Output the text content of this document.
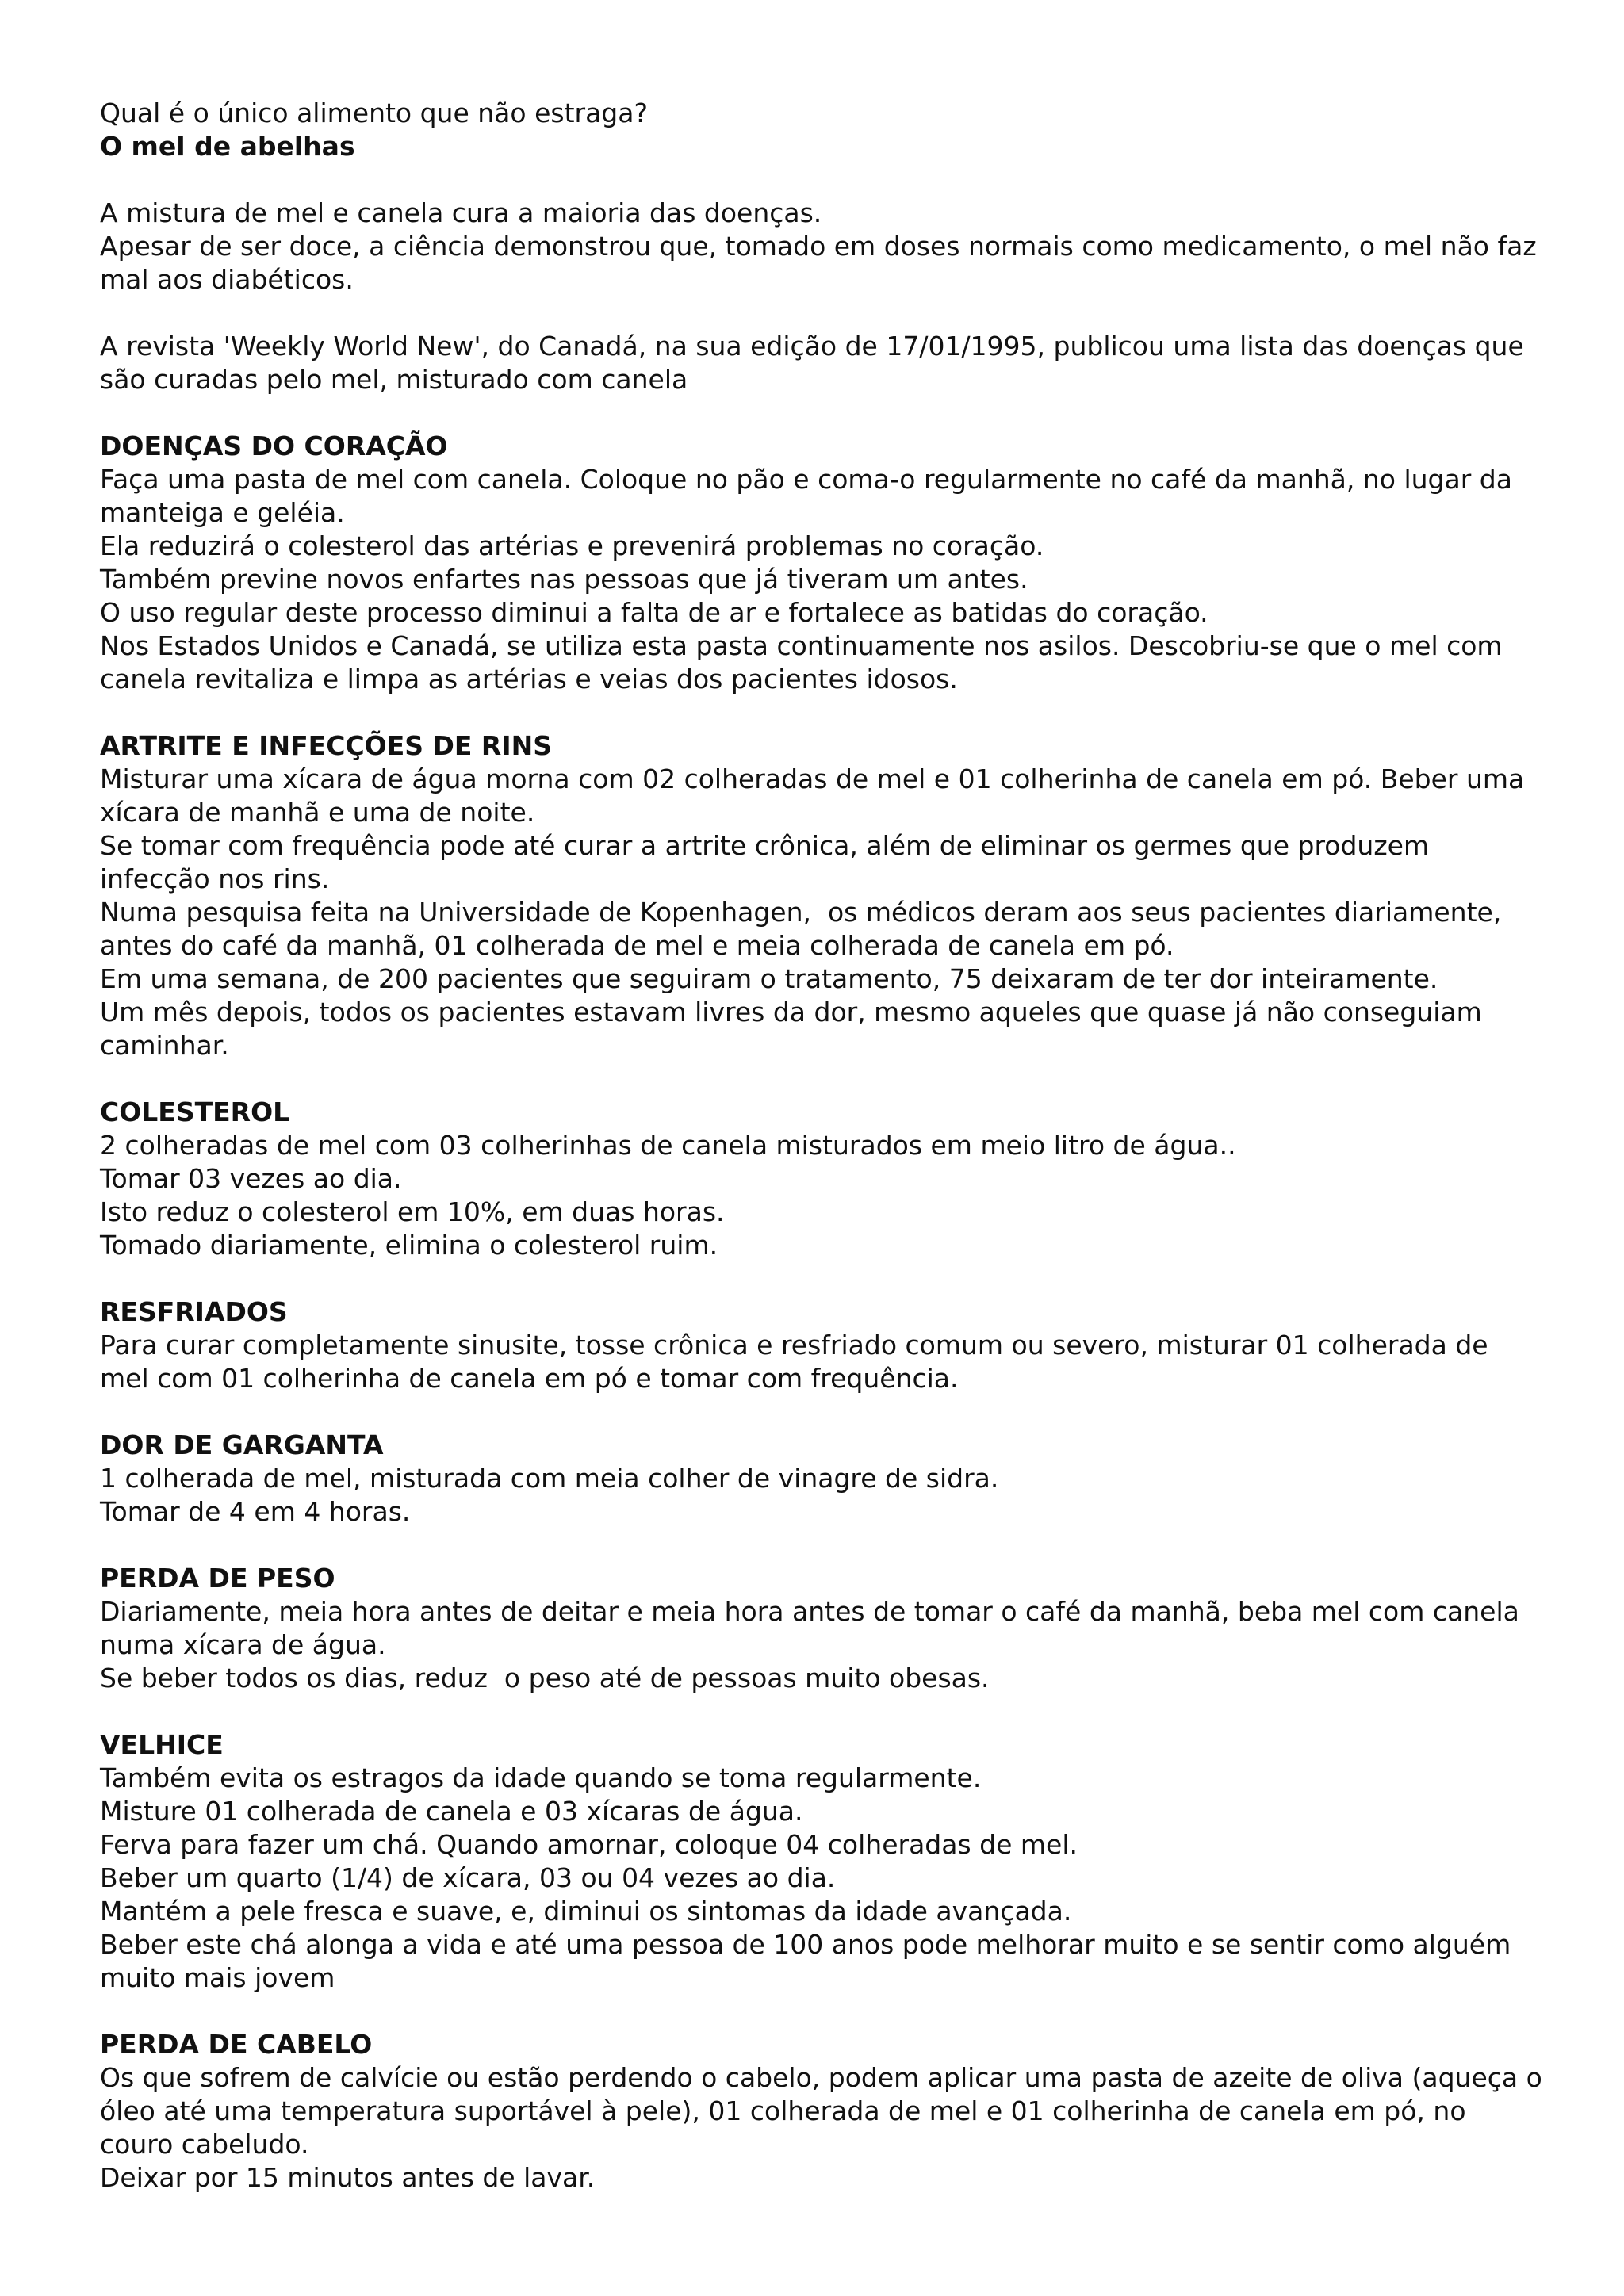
Qual é o único alimento que não estraga?

O mel de abelhas

A mistura de mel e canela cura a maioria das doenças.

Apesar de ser doce, a ciência demonstrou que, tomado em doses normais como medicamento, o mel não faz mal aos diabéticos.

A revista 'Weekly World New', do Canadá, na sua edição de 17/01/1995, publicou uma lista das doenças que são curadas pelo mel, misturado com canela

DOENÇAS DO CORAÇÃO

Faça uma pasta de mel com canela. Coloque no pão e coma-o regularmente no café da manhã, no lugar da manteiga e geléia.

Ela reduzirá o colesterol das artérias e prevenirá problemas no coração.

Também previne novos enfartes nas pessoas que já tiveram um antes.

O uso regular deste processo diminui a falta de ar e fortalece as batidas do coração.

Nos Estados Unidos e Canadá, se utiliza esta pasta continuamente nos asilos. Descobriu-se que o mel com canela revitaliza e limpa as artérias e veias dos pacientes idosos.

ARTRITE E INFECÇÕES DE RINS

Misturar uma xícara de água morna com 02 colheradas de mel e 01 colherinha de canela em pó. Beber uma xícara de manhã e uma de noite.

Se tomar com frequência pode até curar a artrite crônica, além de eliminar os germes que produzem infecção nos rins.

Numa pesquisa feita na Universidade de Kopenhagen,  os médicos deram aos seus pacientes diariamente, antes do café da manhã, 01 colherada de mel e meia colherada de canela em pó.

Em uma semana, de 200 pacientes que seguiram o tratamento, 75 deixaram de ter dor inteiramente.

Um mês depois, todos os pacientes estavam livres da dor, mesmo aqueles que quase já não conseguiam caminhar.

COLESTEROL

2 colheradas de mel com 03 colherinhas de canela misturados em meio litro de água..

Tomar 03 vezes ao dia.

Isto reduz o colesterol em 10%, em duas horas.

Tomado diariamente, elimina o colesterol ruim.

RESFRIADOS

Para curar completamente sinusite, tosse crônica e resfriado comum ou severo, misturar 01 colherada de mel com 01 colherinha de canela em pó e tomar com frequência.

DOR DE GARGANTA

1 colherada de mel, misturada com meia colher de vinagre de sidra.

Tomar de 4 em 4 horas.

PERDA DE PESO

Diariamente, meia hora antes de deitar e meia hora antes de tomar o café da manhã, beba mel com canela numa xícara de água.

Se beber todos os dias, reduz  o peso até de pessoas muito obesas.

VELHICE

Também evita os estragos da idade quando se toma regularmente.

Misture 01 colherada de canela e 03 xícaras de água.

Ferva para fazer um chá. Quando amornar, coloque 04 colheradas de mel.

Beber um quarto (1/4) de xícara, 03 ou 04 vezes ao dia.

Mantém a pele fresca e suave, e, diminui os sintomas da idade avançada.

Beber este chá alonga a vida e até uma pessoa de 100 anos pode melhorar muito e se sentir como alguém muito mais jovem

PERDA DE CABELO

Os que sofrem de calvície ou estão perdendo o cabelo, podem aplicar uma pasta de azeite de oliva (aqueça o óleo até uma temperatura suportável à pele), 01 colherada de mel e 01 colherinha de canela em pó, no couro cabeludo.

Deixar por 15 minutos antes de lavar.
